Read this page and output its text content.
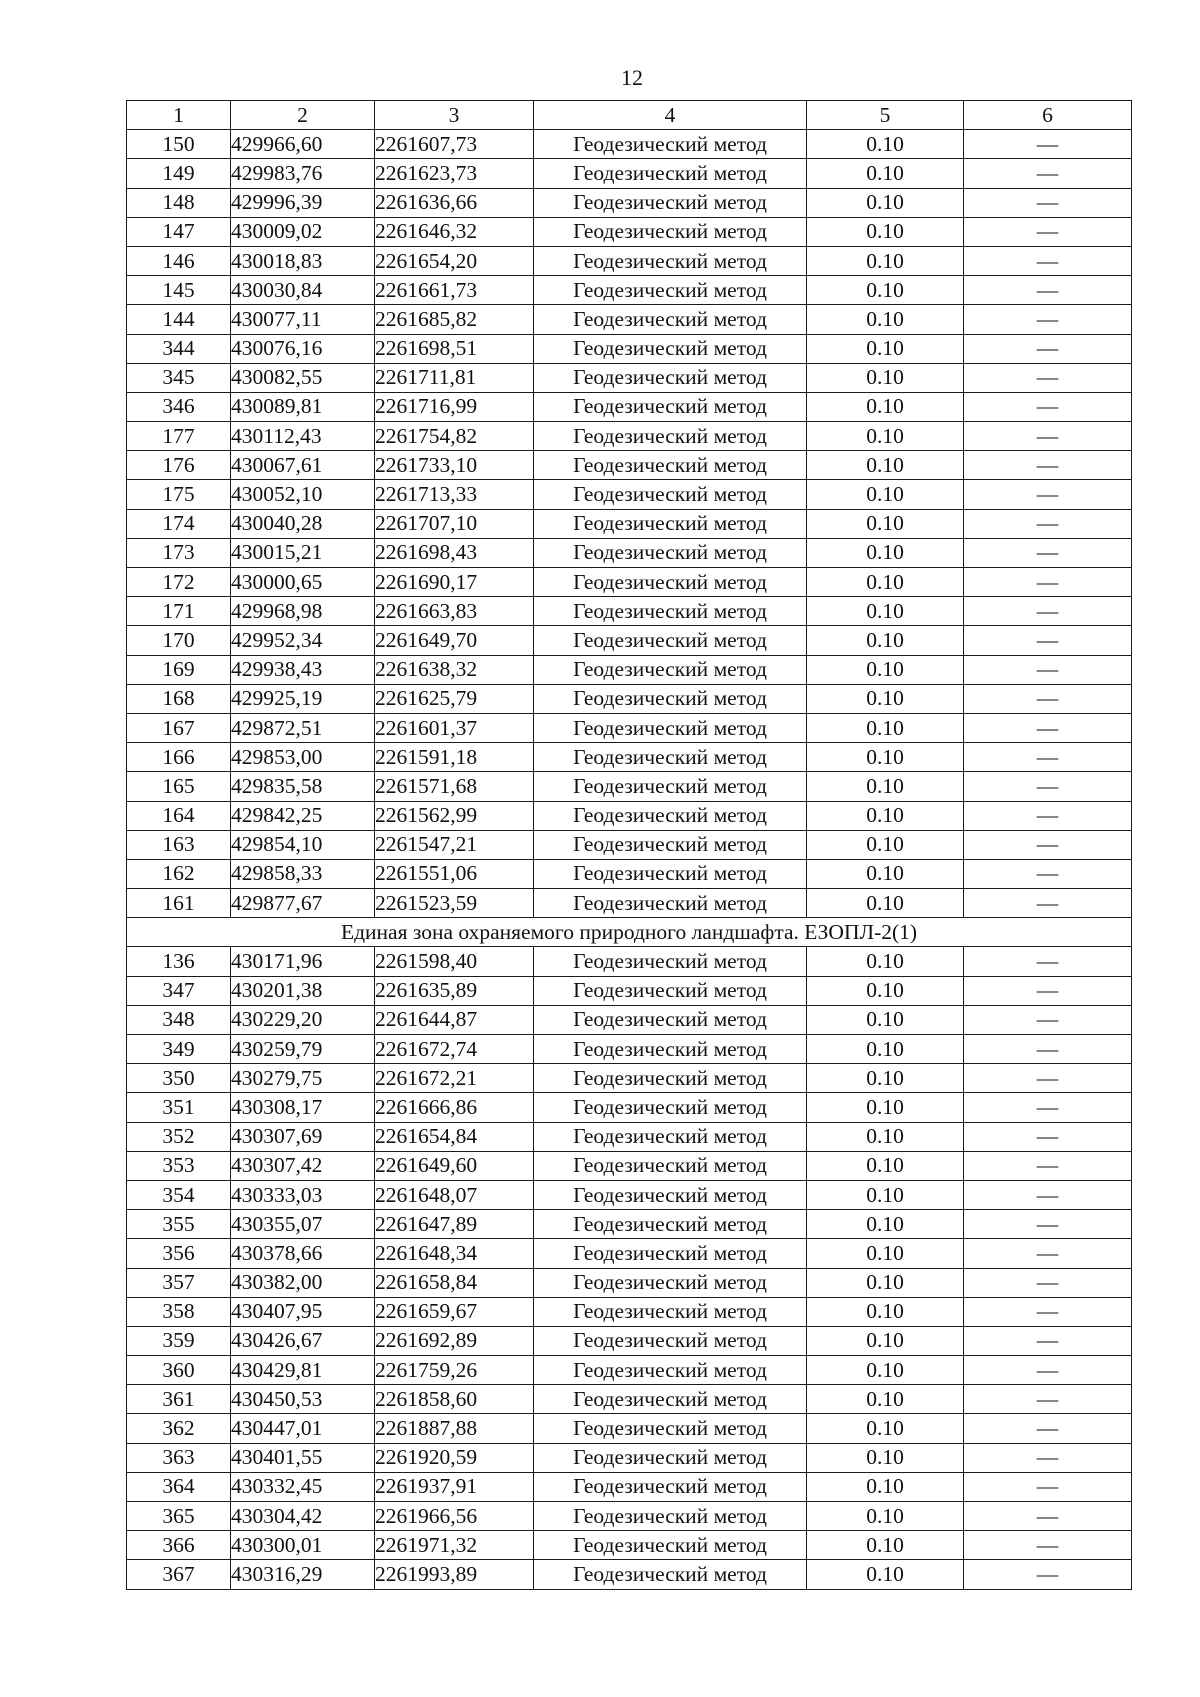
12
1	2	3	4	5	6
150	429966,60	2261607,73	Геодезический метод	0.10	—
149	429983,76	2261623,73	Геодезический метод	0.10	—
148	429996,39	2261636,66	Геодезический метод	0.10	—
147	430009,02	2261646,32	Геодезический метод	0.10	—
146	430018,83	2261654,20	Геодезический метод	0.10	—
145	430030,84	2261661,73	Геодезический метод	0.10	—
144	430077,11	2261685,82	Геодезический метод	0.10	—
344	430076,16	2261698,51	Геодезический метод	0.10	—
345	430082,55	2261711,81	Геодезический метод	0.10	—
346	430089,81	2261716,99	Геодезический метод	0.10	—
177	430112,43	2261754,82	Геодезический метод	0.10	—
176	430067,61	2261733,10	Геодезический метод	0.10	—
175	430052,10	2261713,33	Геодезический метод	0.10	—
174	430040,28	2261707,10	Геодезический метод	0.10	—
173	430015,21	2261698,43	Геодезический метод	0.10	—
172	430000,65	2261690,17	Геодезический метод	0.10	—
171	429968,98	2261663,83	Геодезический метод	0.10	—
170	429952,34	2261649,70	Геодезический метод	0.10	—
169	429938,43	2261638,32	Геодезический метод	0.10	—
168	429925,19	2261625,79	Геодезический метод	0.10	—
167	429872,51	2261601,37	Геодезический метод	0.10	—
166	429853,00	2261591,18	Геодезический метод	0.10	—
165	429835,58	2261571,68	Геодезический метод	0.10	—
164	429842,25	2261562,99	Геодезический метод	0.10	—
163	429854,10	2261547,21	Геодезический метод	0.10	—
162	429858,33	2261551,06	Геодезический метод	0.10	—
161	429877,67	2261523,59	Геодезический метод	0.10	—
Единая зона охраняемого природного ландшафта. ЕЗОПЛ-2(1)					
136	430171,96	2261598,40	Геодезический метод	0.10	—
347	430201,38	2261635,89	Геодезический метод	0.10	—
348	430229,20	2261644,87	Геодезический метод	0.10	—
349	430259,79	2261672,74	Геодезический метод	0.10	—
350	430279,75	2261672,21	Геодезический метод	0.10	—
351	430308,17	2261666,86	Геодезический метод	0.10	—
352	430307,69	2261654,84	Геодезический метод	0.10	—
353	430307,42	2261649,60	Геодезический метод	0.10	—
354	430333,03	2261648,07	Геодезический метод	0.10	—
355	430355,07	2261647,89	Геодезический метод	0.10	—
356	430378,66	2261648,34	Геодезический метод	0.10	—
357	430382,00	2261658,84	Геодезический метод	0.10	—
358	430407,95	2261659,67	Геодезический метод	0.10	—
359	430426,67	2261692,89	Геодезический метод	0.10	—
360	430429,81	2261759,26	Геодезический метод	0.10	—
361	430450,53	2261858,60	Геодезический метод	0.10	—
362	430447,01	2261887,88	Геодезический метод	0.10	—
363	430401,55	2261920,59	Геодезический метод	0.10	—
364	430332,45	2261937,91	Геодезический метод	0.10	—
365	430304,42	2261966,56	Геодезический метод	0.10	—
366	430300,01	2261971,32	Геодезический метод	0.10	—
367	430316,29	2261993,89	Геодезический метод	0.10	—
